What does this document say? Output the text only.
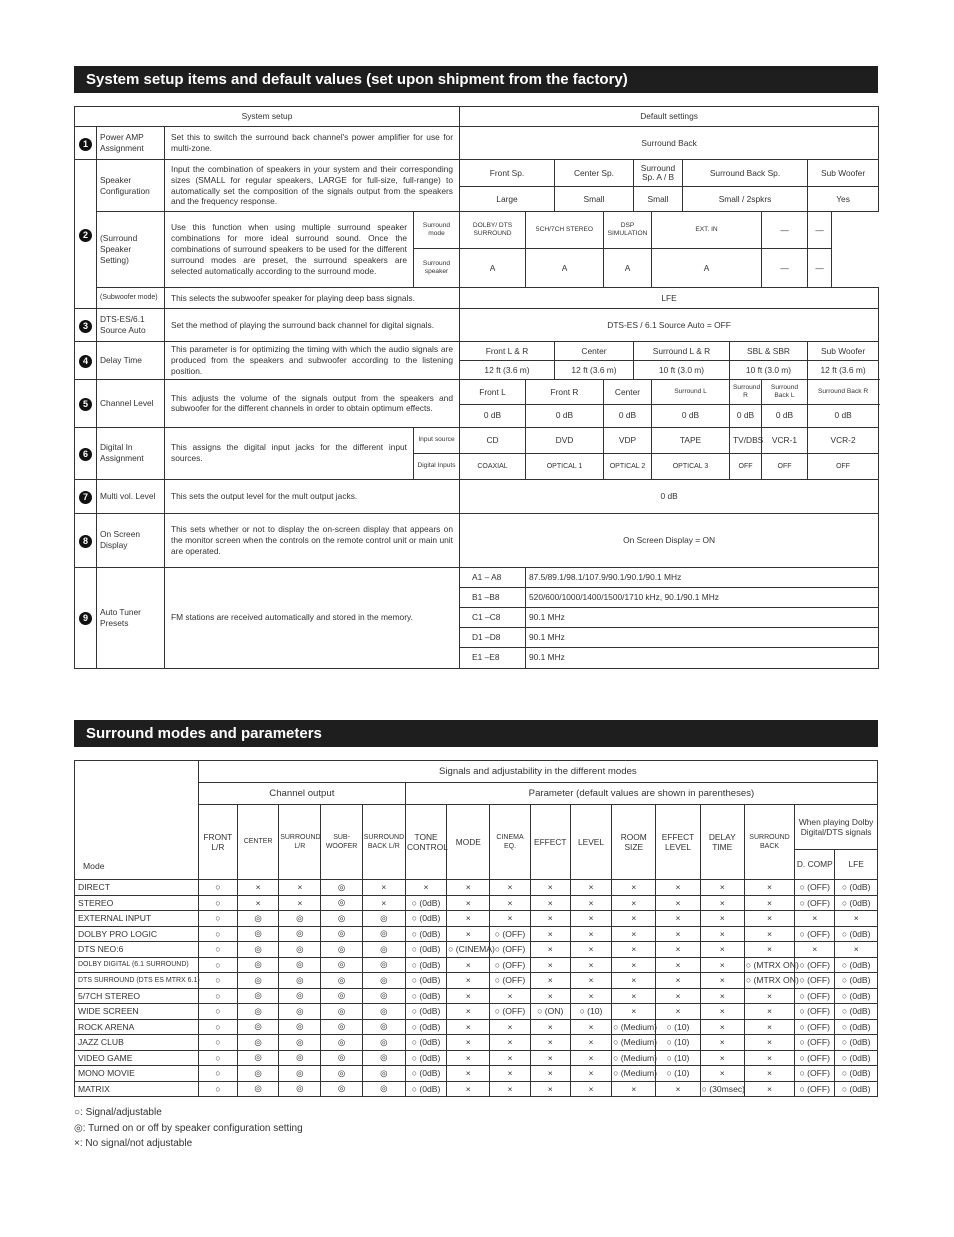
System setup items and default values (set upon shipment from the factory)
System setup				Default settings										
1	Power AMP Assignment	Set this to switch the surround back channel's power amplifier for use for multi-zone.		Surround Back										
2	Speaker Configuration	Input the combination of speakers in your system and their corresponding sizes (SMALL for regular speakers, LARGE for full-size, full-range) to automatically set the composition of the signals output from the speakers and the frequency response.		Front Sp.		Center Sp.		Surround Sp. A / B		Surround Back Sp.			Sub Woofer	
				Large		Small		Small		Small / 2spkrs			Yes	
	(Surround Speaker Setting)	Use this function when using multiple surround speaker combinations for more ideal surround sound. Once the combinations of surround speakers to be used for the different surround modes are preset, the surround speakers are selected automatically according to the surround mode.	Surround mode	DOLBY/ DTS SURROUND	5CH/7CH STEREO		DSP SIMULATION		EXT. IN			—	—	
			Surround speaker	A	A		A		A			—	—	
	(Subwoofer mode)	This selects the subwoofer speaker for playing deep bass signals.		LFE										
3	DTS-ES/6.1 Source Auto	Set the method of playing the surround back channel for digital signals.		DTS-ES / 6.1 Source Auto = OFF										
4	Delay Time	This parameter is for optimizing the timing with which the audio signals are produced from the speakers and subwoofer according to the listening position.		Front L & R		Center		Surround L & R			SBL & SBR		Sub Woofer	
				12 ft (3.6 m)		12 ft (3.6 m)		10 ft (3.0 m)			10 ft (3.0 m)		12 ft (3.6 m)	
5	Channel Level	This adjusts the volume of the signals output from the speakers and subwoofer for the different channels in order to obtain optimum effects.		Front L	Front R		Center		Surround L		Surround R	Surround Back L	Surround Back R	
				0 dB	0 dB		0 dB		0 dB		0 dB	0 dB	0 dB	
6	Digital In Assignment	This assigns the digital input jacks for the different input sources.	Input source	CD	DVD		VDP		TAPE		TV/DBS	VCR-1	VCR-2		
			Digital Inputs	COAXIAL	OPTICAL 1		OPTICAL 2		OPTICAL 3		OFF	OFF	OFF		
7	Multi vol. Level	This sets the output level for the mult output jacks.		0 dB										
8	On Screen Display	This sets whether or not to display the on-screen display that appears on the monitor screen when the controls on the remote control unit or main unit are operated.		On Screen Display = ON										
9	Auto Tuner Presets	FM stations are received automatically and stored in the memory.		A1 – A8	87.5/89.1/98.1/107.9/90.1/90.1/90.1 MHz									
				B1 –B8	520/600/1000/1400/1500/1710 kHz, 90.1/90.1 MHz									
				C1 –C8	90.1 MHz									
				D1 –D8	90.1 MHz									
				E1 –E8	90.1 MHz									
Surround modes and parameters
Mode	Signals and adjustability in the different modes															
	Channel output					Parameter (default values are shown in parentheses)										
	FRONT L/R	CENTER	SURROUND L/R	SUB- WOOFER	SURROUND BACK L/R	TONE CONTROL	MODE	CINEMA EQ.	EFFECT	LEVEL	ROOM SIZE	EFFECT LEVEL	DELAY TIME	SURROUND BACK	When playing Dolby Digital/DTS signals	
															D. COMP	LFE
DIRECT	○	×	×	◎	×	×	×	×	×	×	×	×	×	×	○ (OFF)	○ (0dB)
STEREO	○	×	×	◎	×	○ (0dB)	×	×	×	×	×	×	×	×	○ (OFF)	○ (0dB)
EXTERNAL INPUT	○	◎	◎	◎	◎	○ (0dB)	×	×	×	×	×	×	×	×	×	×
DOLBY PRO LOGIC	○	◎	◎	◎	◎	○ (0dB)	×	○ (OFF)	×	×	×	×	×	×	○ (OFF)	○ (0dB)
DTS NEO:6	○	◎	◎	◎	◎	○ (0dB)	○ (CINEMA)	○ (OFF)	×	×	×	×	×	×	×	×
DOLBY DIGITAL (6.1 SURROUND)	○	◎	◎	◎	◎	○ (0dB)	×	○ (OFF)	×	×	×	×	×	○ (MTRX ON)	○ (OFF)	○ (0dB)
DTS SURROUND (DTS ES MTRX 6.1)	○	◎	◎	◎	◎	○ (0dB)	×	○ (OFF)	×	×	×	×	×	○ (MTRX ON)	○ (OFF)	○ (0dB)
5/7CH STEREO	○	◎	◎	◎	◎	○ (0dB)	×	×	×	×	×	×	×	×	○ (OFF)	○ (0dB)
WIDE SCREEN	○	◎	◎	◎	◎	○ (0dB)	×	○ (OFF)	○ (ON)	○ (10)	×	×	×	×	○ (OFF)	○ (0dB)
ROCK ARENA	○	◎	◎	◎	◎	○ (0dB)	×	×	×	×	○ (Medium)	○ (10)	×	×	○ (OFF)	○ (0dB)
JAZZ CLUB	○	◎	◎	◎	◎	○ (0dB)	×	×	×	×	○ (Medium)	○ (10)	×	×	○ (OFF)	○ (0dB)
VIDEO GAME	○	◎	◎	◎	◎	○ (0dB)	×	×	×	×	○ (Medium)	○ (10)	×	×	○ (OFF)	○ (0dB)
MONO MOVIE	○	◎	◎	◎	◎	○ (0dB)	×	×	×	×	○ (Medium)	○ (10)	×	×	○ (OFF)	○ (0dB)
MATRIX	○	◎	◎	◎	◎	○ (0dB)	×	×	×	×	×	×	○ (30msec)	×	○ (OFF)	○ (0dB)
○: Signal/adjustable
◎: Turned on or off by speaker configuration setting
×: No signal/not adjustable
